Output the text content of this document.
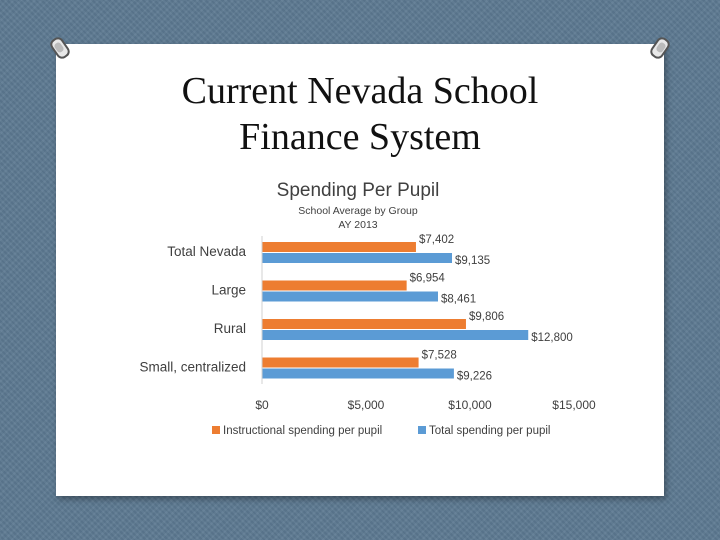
Current Nevada School
Finance System
Spending Per Pupil
School Average by Group
AY 2013
Total Nevada
$7,402
$9,135
Large
$6,954
$8,461
Rural
$9,806
$12,800
Small, centralized
$7,528
$9,226
$0	$5,000	$10,000	$15,000
Instructional spending per pupil	Total spending per pupil
